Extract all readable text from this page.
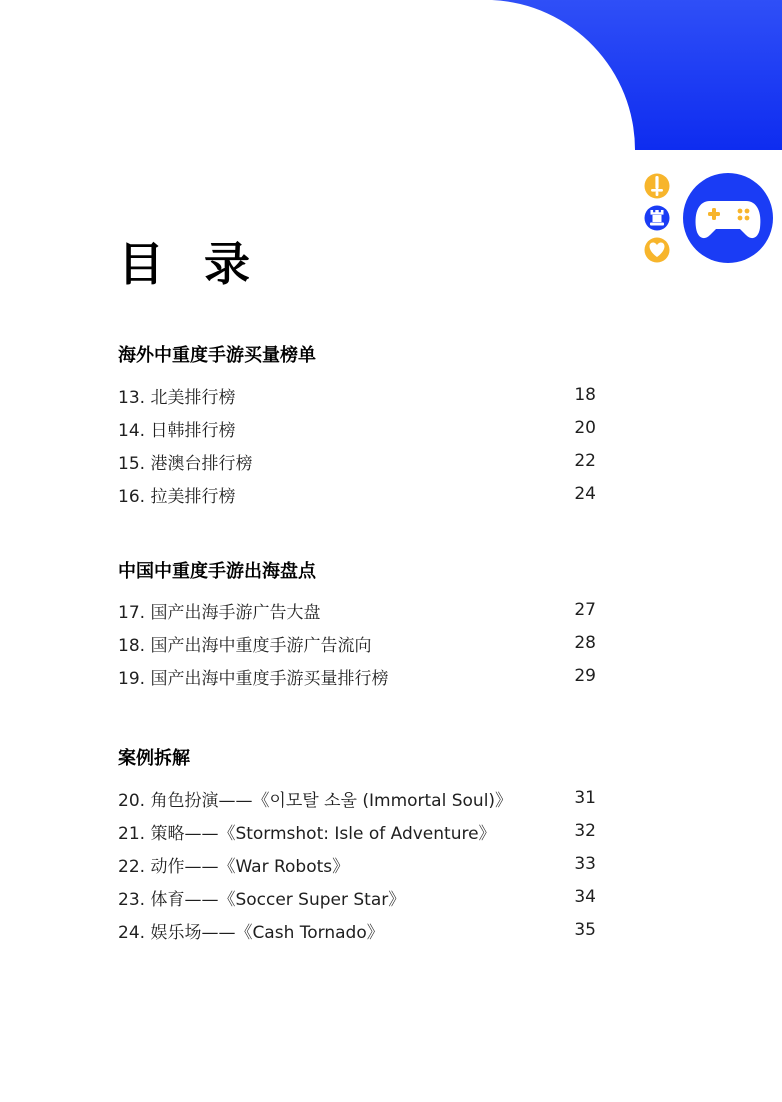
目 录
海外中重度手游买量榜单
13. 北美排行榜	18
14. 日韩排行榜	20
15. 港澳台排行榜	22
16. 拉美排行榜	24
中国中重度手游出海盘点
17. 国产出海手游广告大盘	27
18. 国产出海中重度手游广告流向	28
19. 国产出海中重度手游买量排行榜	29
案例拆解
20. 角色扮演——《이모탈 소울 (Immortal Soul)》	31
21. 策略——《Stormshot: Isle of Adventure》	32
22. 动作——《War Robots》	33
23. 体育——《Soccer Super Star》	34
24. 娱乐场——《Cash Tornado》	35
